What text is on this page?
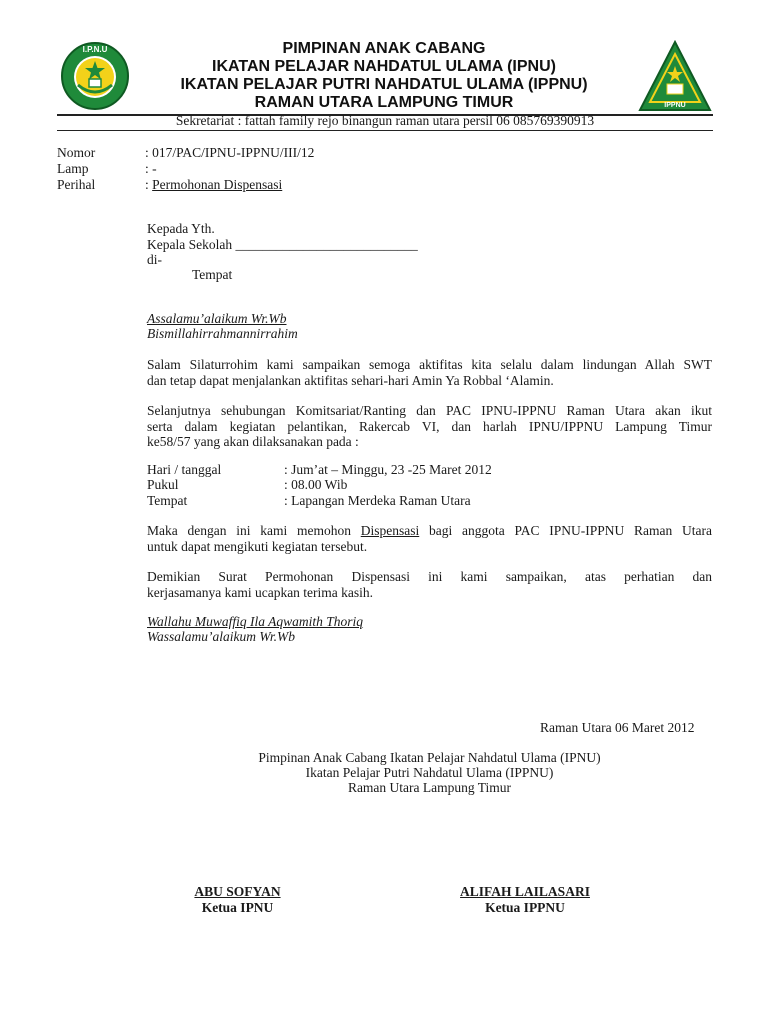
I.P.N.U
IPPNU
PIMPINAN ANAK CABANG
IKATAN PELAJAR NAHDATUL ULAMA (IPNU)
IKATAN PELAJAR PUTRI NAHDATUL ULAMA (IPPNU)
RAMAN UTARA LAMPUNG TIMUR
Sekretariat : fattah family rejo binangun raman utara persil 06 085769390913
Nomor	: 017/PAC/IPNU-IPPNU/III/12
Lamp	: -
Perihal	: Permohonan Dispensasi
Kepada Yth.
Kepala Sekolah ___________________________
di-
Tempat
Assalamu’alaikum Wr.Wb
Bismillahirrahmannirrahim
Salam Silaturrohim kami sampaikan semoga aktifitas kita selalu dalam lindungan Allah SWT
dan tetap dapat menjalankan aktifitas sehari-hari Amin Ya Robbal ‘Alamin.
Selanjutnya sehubungan Komitsariat/Ranting dan PAC IPNU-IPPNU Raman Utara akan ikut
serta dalam kegiatan pelantikan, Rakercab VI, dan harlah IPNU/IPPNU Lampung Timur
ke58/57 yang akan dilaksanakan pada :
Hari / tanggal	: Jum’at – Minggu, 23 -25 Maret 2012
Pukul	: 08.00 Wib
Tempat	: Lapangan Merdeka Raman Utara
Maka dengan ini kami memohon Dispensasi bagi anggota PAC IPNU-IPPNU Raman Utara
untuk dapat mengikuti kegiatan tersebut.
Demikian Surat Permohonan Dispensasi ini kami sampaikan, atas perhatian dan
kerjasamanya kami ucapkan terima kasih.
Wallahu Muwaffiq Ila Aqwamith Thoriq
Wassalamu’alaikum Wr.Wb
Raman Utara 06 Maret 2012
Pimpinan Anak Cabang Ikatan Pelajar Nahdatul Ulama (IPNU)
Ikatan Pelajar Putri Nahdatul Ulama (IPPNU)
Raman Utara Lampung Timur
ABU SOFYAN
Ketua IPNU
ALIFAH LAILASARI
Ketua IPPNU
